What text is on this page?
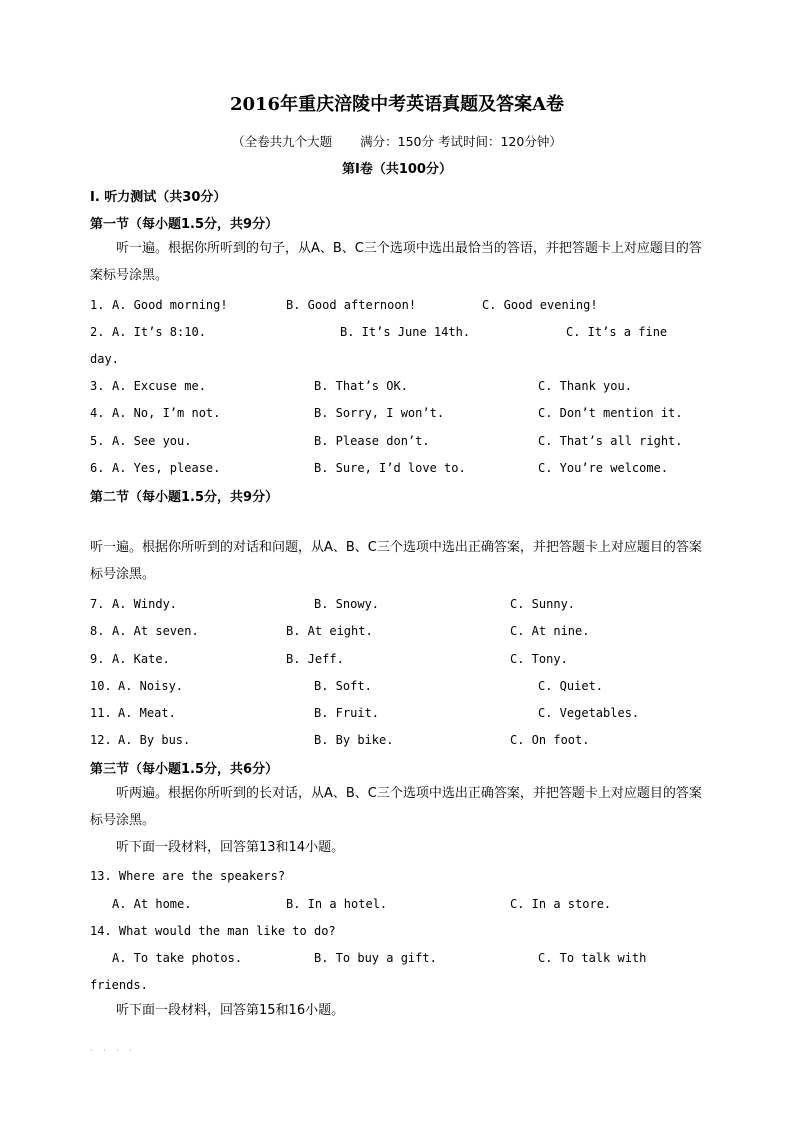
2016年重庆涪陵中考英语真题及答案A卷
（全卷共九个大题 满分：150分 考试时间：120分钟）
第I卷（共100分）
I. 听力测试（共30分）
第一节（每小题1.5分，共9分）
听一遍。根据你所听到的句子，从A、B、C三个选项中选出最恰当的答语，并把答题卡上对应题目的答案标号涂黑。
1. A. Good morning!	B. Good afternoon!	C. Good evening!
2. A. It’s 8:10.	B. It’s June 14th.	C. It’s a fine
day.
3. A. Excuse me.	B. That’s OK.	C. Thank you.
4. A. No, I’m not.	B. Sorry, I won’t.	C. Don’t mention it.
5. A. See you.	B. Please don’t.	C. That’s all right.
6. A. Yes, please.	B. Sure, I’d love to.	C. You’re welcome.
第二节（每小题1.5分，共9分）
听一遍。根据你所听到的对话和问题，从A、B、C三个选项中选出正确答案，并把答题卡上对应题目的答案标号涂黑。
7. A. Windy.	B. Snowy.	C. Sunny.
8. A. At seven.	B. At eight.	C. At nine.
9. A. Kate.	B. Jeff.	C. Tony.
10. A. Noisy.	B. Soft.	C. Quiet.
11. A. Meat.	B. Fruit.	C. Vegetables.
12. A. By bus.	B. By bike.	C. On foot.
第三节（每小题1.5分，共6分）
听两遍。根据你所听到的长对话，从A、B、C三个选项中选出正确答案，并把答题卡上对应题目的答案标号涂黑。
听下面一段材料，回答第13和14小题。
13. Where are the speakers?
A. At home.	B. In a hotel.	C. In a store.
14. What would the man like to do?
A. To take photos.	B. To buy a gift.	C. To talk with
friends.
听下面一段材料，回答第15和16小题。
· · · ·
